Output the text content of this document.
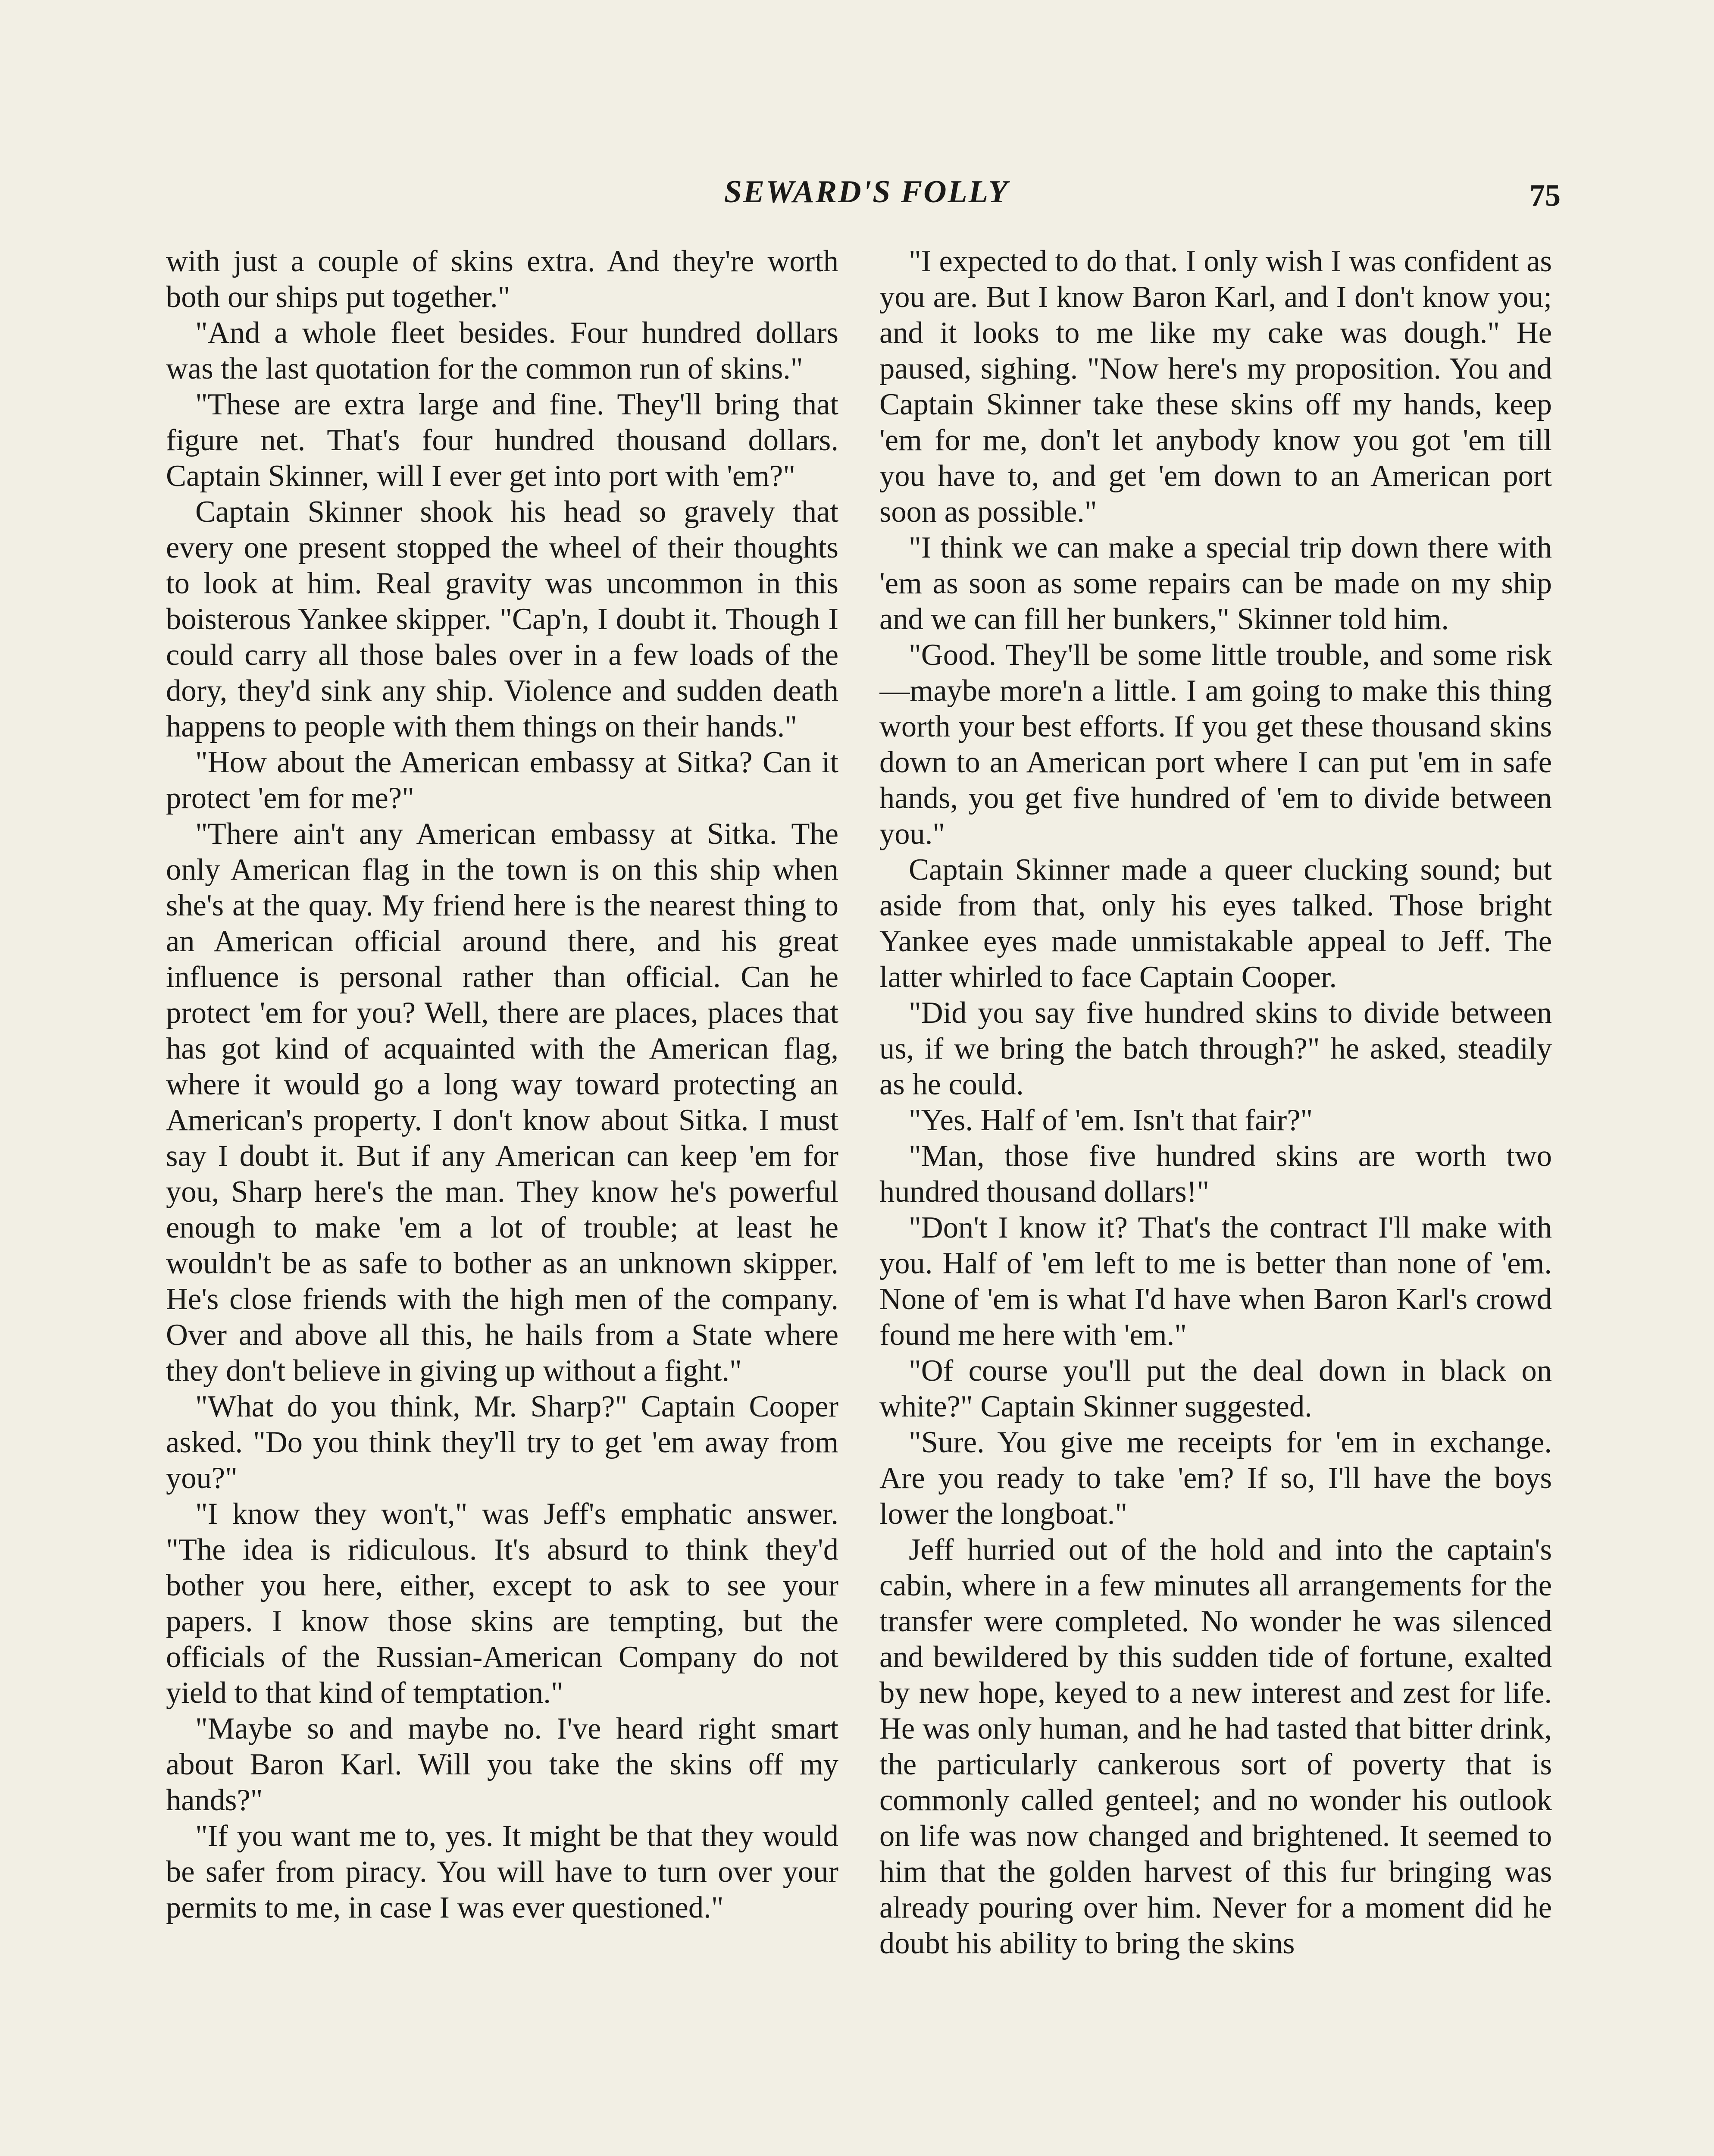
SEWARD'S FOLLY	75

with just a couple of skins extra. And they're worth both our ships put together."

"And a whole fleet besides. Four hundred dollars was the last quotation for the common run of skins."

"These are extra large and fine. They'll bring that figure net. That's four hundred thousand dollars. Captain Skinner, will I ever get into port with 'em?"

Captain Skinner shook his head so gravely that every one present stopped the wheel of their thoughts to look at him. Real gravity was uncommon in this boisterous Yankee skipper. "Cap'n, I doubt it. Though I could carry all those bales over in a few loads of the dory, they'd sink any ship. Violence and sudden death happens to people with them things on their hands."

"How about the American embassy at Sitka? Can it protect 'em for me?"

"There ain't any American embassy at Sitka. The only American flag in the town is on this ship when she's at the quay. My friend here is the nearest thing to an American official around there, and his great influence is personal rather than official. Can he protect 'em for you? Well, there are places, places that has got kind of acquainted with the American flag, where it would go a long way toward protecting an American's property. I don't know about Sitka. I must say I doubt it. But if any American can keep 'em for you, Sharp here's the man. They know he's powerful enough to make 'em a lot of trouble; at least he wouldn't be as safe to bother as an unknown skipper. He's close friends with the high men of the company. Over and above all this, he hails from a State where they don't believe in giving up without a fight."

"What do you think, Mr. Sharp?" Captain Cooper asked. "Do you think they'll try to get 'em away from you?"

"I know they won't," was Jeff's emphatic answer. "The idea is ridiculous. It's absurd to think they'd bother you here, either, except to ask to see your papers. I know those skins are tempting, but the officials of the Russian-American Company do not yield to that kind of temptation."

"Maybe so and maybe no. I've heard right smart about Baron Karl. Will you take the skins off my hands?"

"If you want me to, yes. It might be that they would be safer from piracy. You will have to turn over your permits to me, in case I was ever questioned."

"I expected to do that. I only wish I was confident as you are. But I know Baron Karl, and I don't know you; and it looks to me like my cake was dough." He paused, sighing. "Now here's my proposition. You and Captain Skinner take these skins off my hands, keep 'em for me, don't let anybody know you got 'em till you have to, and get 'em down to an American port soon as possible."

"I think we can make a special trip down there with 'em as soon as some repairs can be made on my ship and we can fill her bunkers," Skinner told him.

"Good. They'll be some little trouble, and some risk—maybe more'n a little. I am going to make this thing worth your best efforts. If you get these thousand skins down to an American port where I can put 'em in safe hands, you get five hundred of 'em to divide between you."

Captain Skinner made a queer clucking sound; but aside from that, only his eyes talked. Those bright Yankee eyes made unmistakable appeal to Jeff. The latter whirled to face Captain Cooper.

"Did you say five hundred skins to divide between us, if we bring the batch through?" he asked, steadily as he could.

"Yes. Half of 'em. Isn't that fair?"

"Man, those five hundred skins are worth two hundred thousand dollars!"

"Don't I know it? That's the contract I'll make with you. Half of 'em left to me is better than none of 'em. None of 'em is what I'd have when Baron Karl's crowd found me here with 'em."

"Of course you'll put the deal down in black on white?" Captain Skinner suggested.

"Sure. You give me receipts for 'em in exchange. Are you ready to take 'em? If so, I'll have the boys lower the longboat."

Jeff hurried out of the hold and into the captain's cabin, where in a few minutes all arrangements for the transfer were completed. No wonder he was silenced and bewildered by this sudden tide of fortune, exalted by new hope, keyed to a new interest and zest for life. He was only human, and he had tasted that bitter drink, the particularly cankerous sort of poverty that is commonly called genteel; and no wonder his outlook on life was now changed and brightened. It seemed to him that the golden harvest of this fur bringing was already pouring over him. Never for a moment did he doubt his ability to bring the skins
